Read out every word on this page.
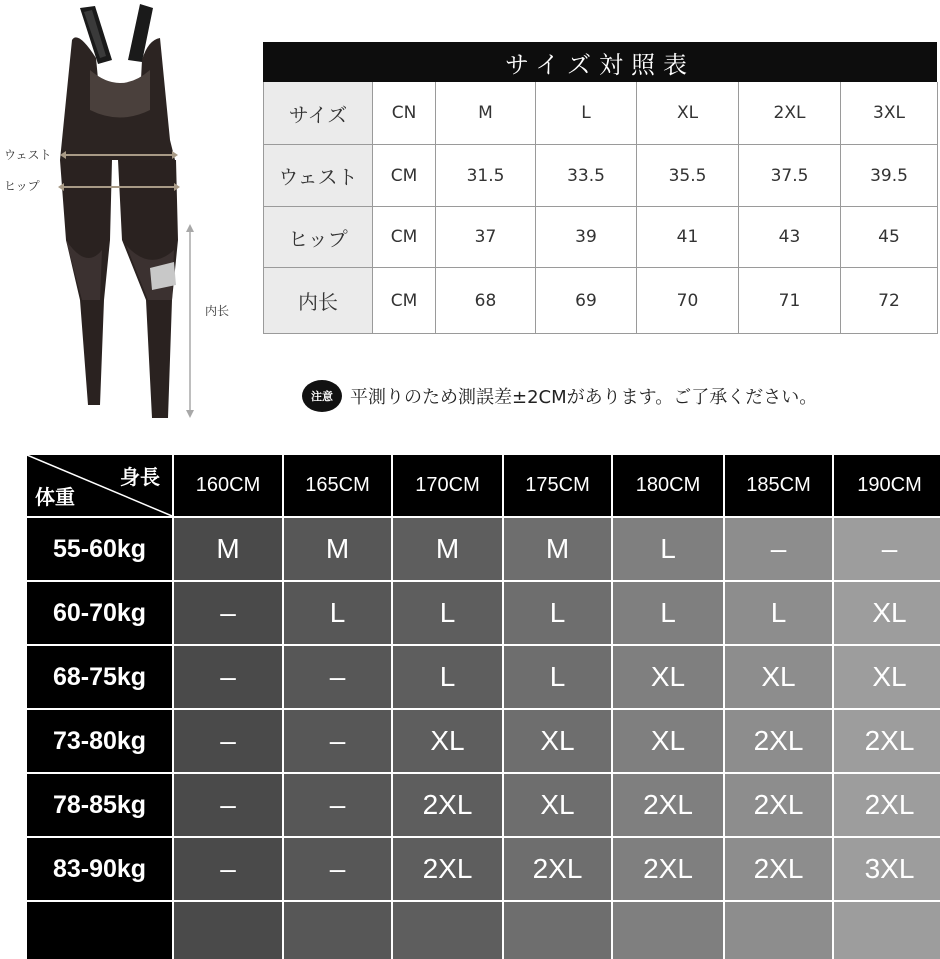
ウェスト
ヒップ
内长
サイズ対照表
サイズ	CN	M	L	XL	2XL	3XL
ウェスト	CM	31.5	33.5	35.5	37.5	39.5
ヒップ	CM	37	39	41	43	45
内长	CM	68	69	70	71	72
注意 平測りのため測誤差±2CMがあります。ご了承ください。
身長
体重
160CM	165CM	170CM	175CM	180CM	185CM	190CM
55-60kg	M	M	M	M	L	–	–
60-70kg	–	L	L	L	L	L	XL
68-75kg	–	–	L	L	XL	XL	XL
73-80kg	–	–	XL	XL	XL	2XL	2XL
78-85kg	–	–	2XL	XL	2XL	2XL	2XL
83-90kg	–	–	2XL	2XL	2XL	2XL	3XL
